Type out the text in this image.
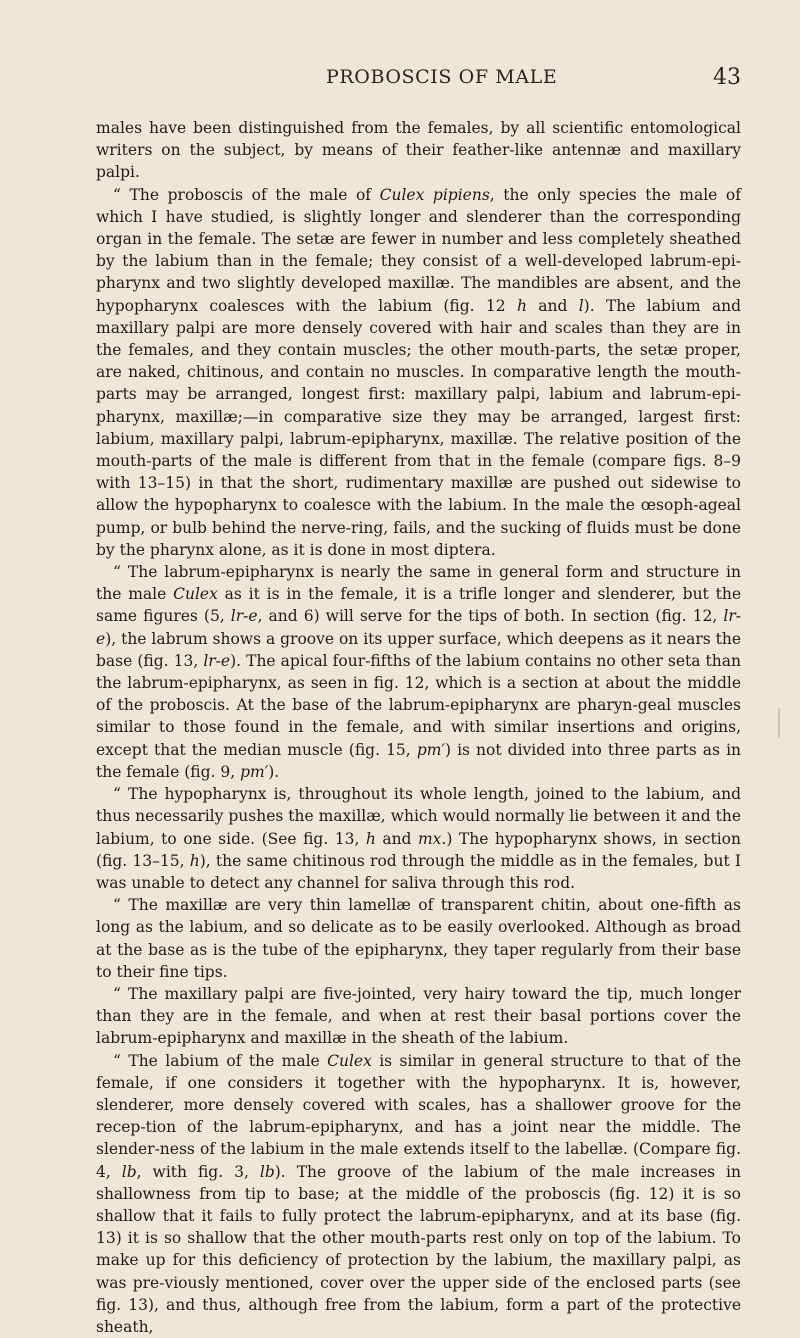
PROBOSCIS OF MALE	43

males have been distinguished from the females, by all scientific entomological writers on the subject, by means of their feather-like antennæ and maxillary palpi.

“ The proboscis of the male of Culex pipiens, the only species the male of which I have studied, is slightly longer and slenderer than the corresponding organ in the female. The setæ are fewer in number and less completely sheathed by the labium than in the female; they consist of a well-developed labrum-epi-pharynx and two slightly developed maxillæ. The mandibles are absent, and the hypopharynx coalesces with the labium (fig. 12 h and l). The labium and maxillary palpi are more densely covered with hair and scales than they are in the females, and they contain muscles; the other mouth-parts, the setæ proper, are naked, chitinous, and contain no muscles. In comparative length the mouth-parts may be arranged, longest first: maxillary palpi, labium and labrum-epi-pharynx, maxillæ;—in comparative size they may be arranged, largest first: labium, maxillary palpi, labrum-epipharynx, maxillæ. The relative position of the mouth-parts of the male is different from that in the female (compare figs. 8–9 with 13–15) in that the short, rudimentary maxillæ are pushed out sidewise to allow the hypopharynx to coalesce with the labium. In the male the œsoph-ageal pump, or bulb behind the nerve-ring, fails, and the sucking of fluids must be done by the pharynx alone, as it is done in most diptera.

“ The labrum-epipharynx is nearly the same in general form and structure in the male Culex as it is in the female, it is a trifle longer and slenderer, but the same figures (5, lr-e, and 6) will serve for the tips of both. In section (fig. 12, lr-e), the labrum shows a groove on its upper surface, which deepens as it nears the base (fig. 13, lr-e). The apical four-fifths of the labium contains no other seta than the labrum-epipharynx, as seen in fig. 12, which is a section at about the middle of the proboscis. At the base of the labrum-epipharynx are pharyn-geal muscles similar to those found in the female, and with similar insertions and origins, except that the median muscle (fig. 15, pm′) is not divided into three parts as in the female (fig. 9, pm′).

“ The hypopharynx is, throughout its whole length, joined to the labium, and thus necessarily pushes the maxillæ, which would normally lie between it and the labium, to one side. (See fig. 13, h and mx.) The hypopharynx shows, in section (fig. 13–15, h), the same chitinous rod through the middle as in the females, but I was unable to detect any channel for saliva through this rod.

“ The maxillæ are very thin lamellæ of transparent chitin, about one-fifth as long as the labium, and so delicate as to be easily overlooked. Although as broad at the base as is the tube of the epipharynx, they taper regularly from their base to their fine tips.

“ The maxillary palpi are five-jointed, very hairy toward the tip, much longer than they are in the female, and when at rest their basal portions cover the labrum-epipharynx and maxillæ in the sheath of the labium.

“ The labium of the male Culex is similar in general structure to that of the female, if one considers it together with the hypopharynx. It is, however, slenderer, more densely covered with scales, has a shallower groove for the recep-tion of the labrum-epipharynx, and has a joint near the middle. The slender-ness of the labium in the male extends itself to the labellæ. (Compare fig. 4, lb, with fig. 3, lb). The groove of the labium of the male increases in shallowness from tip to base; at the middle of the proboscis (fig. 12) it is so shallow that it fails to fully protect the labrum-epipharynx, and at its base (fig. 13) it is so shallow that the other mouth-parts rest only on top of the labium. To make up for this deficiency of protection by the labium, the maxillary palpi, as was pre-viously mentioned, cover over the upper side of the enclosed parts (see fig. 13), and thus, although free from the labium, form a part of the protective sheath,
